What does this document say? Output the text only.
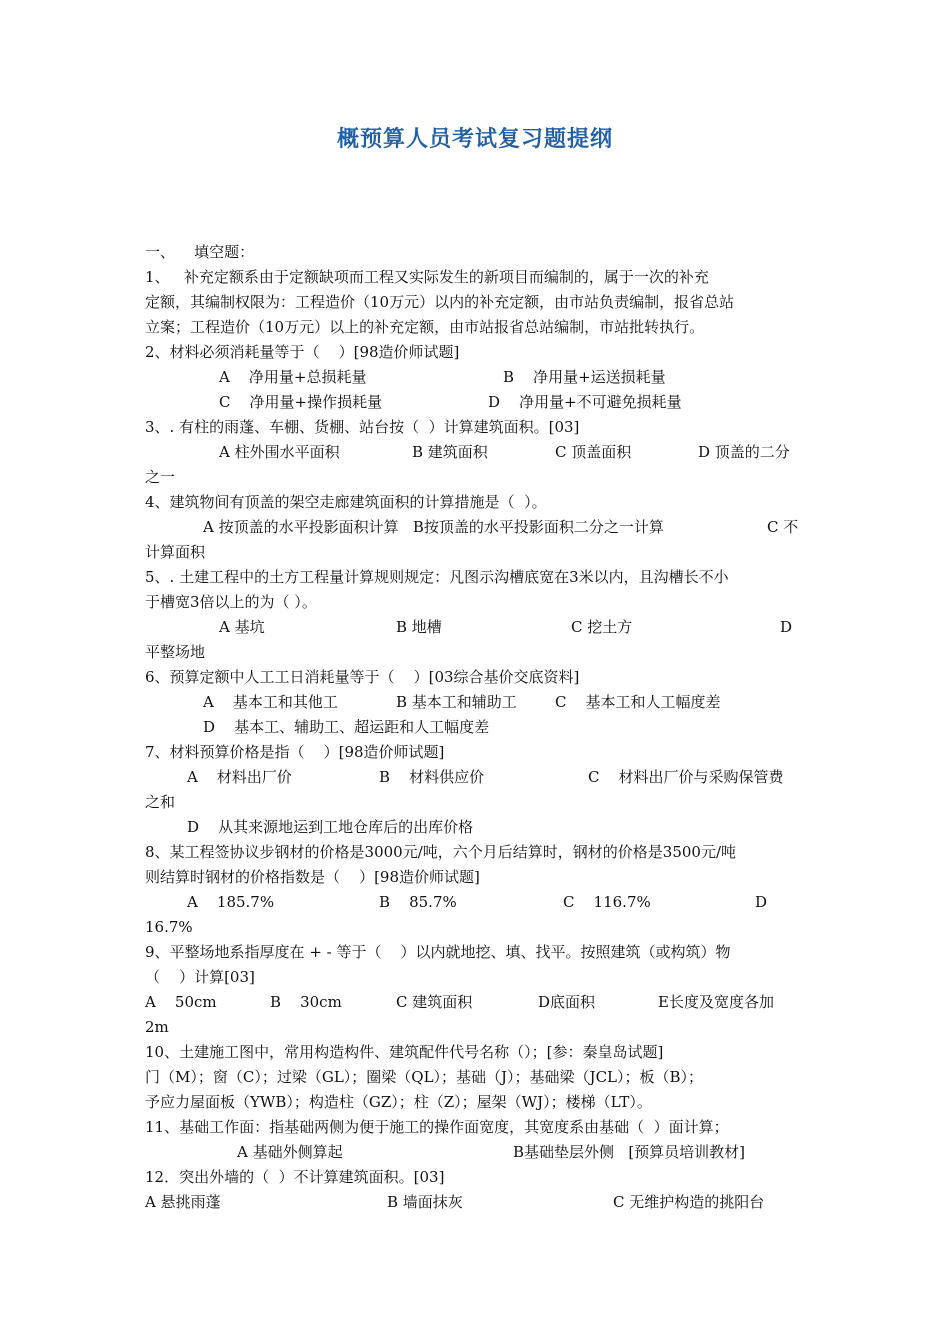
概预算人员考试复习题提纲
一、    填空题：
1、   补充定额系由于定额缺项而工程又实际发生的新项目而编制的，属于一次的补充
定额，其编制权限为：工程造价（10万元）以内的补充定额，由市站负责编制，报省总站
立案；工程造价（10万元）以上的补充定额，由市站报省总站编制，市站批转执行。
2、材料必须消耗量等于（    ）[98造价师试题]
A    净用量+总损耗量	B    净用量+运送损耗量
C    净用量+操作损耗量	D    净用量+不可避免损耗量
3、. 有柱的雨蓬、车棚、货棚、站台按（  ）计算建筑面积。[03]
A 柱外围水平面积	B 建筑面积	C 顶盖面积	D 顶盖的二分
之一
4、建筑物间有顶盖的架空走廊建筑面积的计算措施是（  ）。
A 按顶盖的水平投影面积计算   B按顶盖的水平投影面积二分之一计算	C 不
计算面积
5、. 土建工程中的土方工程量计算规则规定：凡图示沟槽底宽在3米以内，且沟槽长不小
于槽宽3倍以上的为（ ）。
A 基坑	B 地槽	C 挖土方	D
平整场地
6、预算定额中人工工日消耗量等于（    ）[03综合基价交底资料]
A    基本工和其他工	B 基本工和辅助工	C    基本工和人工幅度差
D    基本工、辅助工、超运距和人工幅度差
7、材料预算价格是指（    ）[98造价师试题]
A    材料出厂价	B    材料供应价	C    材料出厂价与采购保管费
之和
D    从其来源地运到工地仓库后的出库价格
8、某工程签协议步钢材的价格是3000元/吨，六个月后结算时，钢材的价格是3500元/吨
则结算时钢材的价格指数是（    ）[98造价师试题]
A    185.7%	B    85.7%	C    116.7%	D
16.7%
9、平整场地系指厚度在 + - 等于（    ）以内就地挖、填、找平。按照建筑（或构筑）物
（    ）计算[03]
A    50cm	B    30cm	C 建筑面积	D底面积	E长度及宽度各加
2m
10、土建施工图中，常用构造构件、建筑配件代号名称（）；[参：秦皇岛试题]
门（M）；窗（C）；过梁（GL）；圈梁（QL）；基础（J）；基础梁（JCL）；板（B）；
予应力屋面板（YWB）；构造柱（GZ）；柱（Z）；屋架（WJ）；楼梯（LT）。
11、基础工作面：指基础两侧为便于施工的操作面宽度，其宽度系由基础（  ）面计算；
A 基础外侧算起	B基础垫层外侧   [预算员培训教材]
12．突出外墙的（  ）不计算建筑面积。[03]
A 悬挑雨蓬	B 墙面抹灰	C 无维护构造的挑阳台
